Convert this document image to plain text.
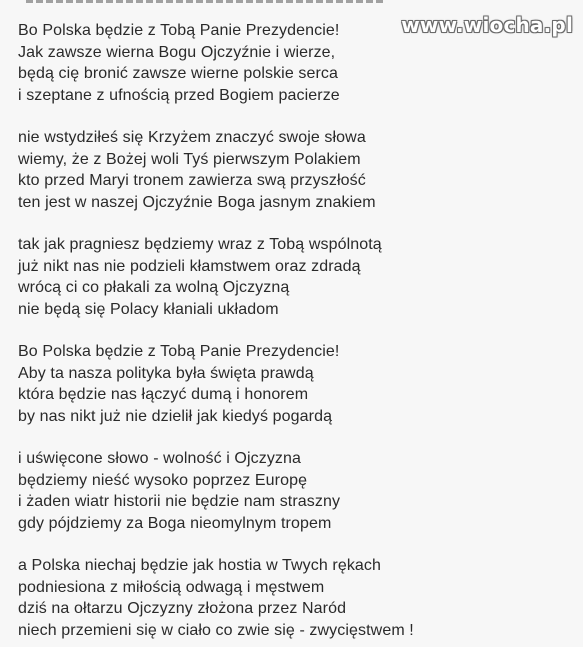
www.wiocha.pl
Bo Polska będzie z Tobą Panie Prezydencie!
Jak zawsze wierna Bogu Ojczyźnie i wierze,
będą cię bronić zawsze wierne polskie serca
i szeptane z ufnością przed Bogiem pacierze
nie wstydziłeś się Krzyżem znaczyć swoje słowa
wiemy, że z Bożej woli Tyś pierwszym Polakiem
kto przed Maryi tronem zawierza swą przyszłość
ten jest w naszej Ojczyźnie Boga jasnym znakiem
tak jak pragniesz będziemy wraz z Tobą wspólnotą
już nikt nas nie podzieli kłamstwem oraz zdradą
wrócą ci co płakali za wolną Ojczyzną
nie będą się Polacy kłaniali układom
Bo Polska będzie z Tobą Panie Prezydencie!
Aby ta nasza polityka była święta prawdą
która będzie nas łączyć dumą i honorem
by nas nikt już nie dzielił jak kiedyś pogardą
i uświęcone słowo - wolność i Ojczyzna
będziemy nieść wysoko poprzez Europę
i żaden wiatr historii nie będzie nam straszny
gdy pójdziemy za Boga nieomylnym tropem
a Polska niechaj będzie jak hostia w Twych rękach
podniesiona z miłością odwagą i męstwem
dziś na ołtarzu Ojczyzny złożona przez Naród
niech przemieni się w ciało co zwie się - zwycięstwem !
